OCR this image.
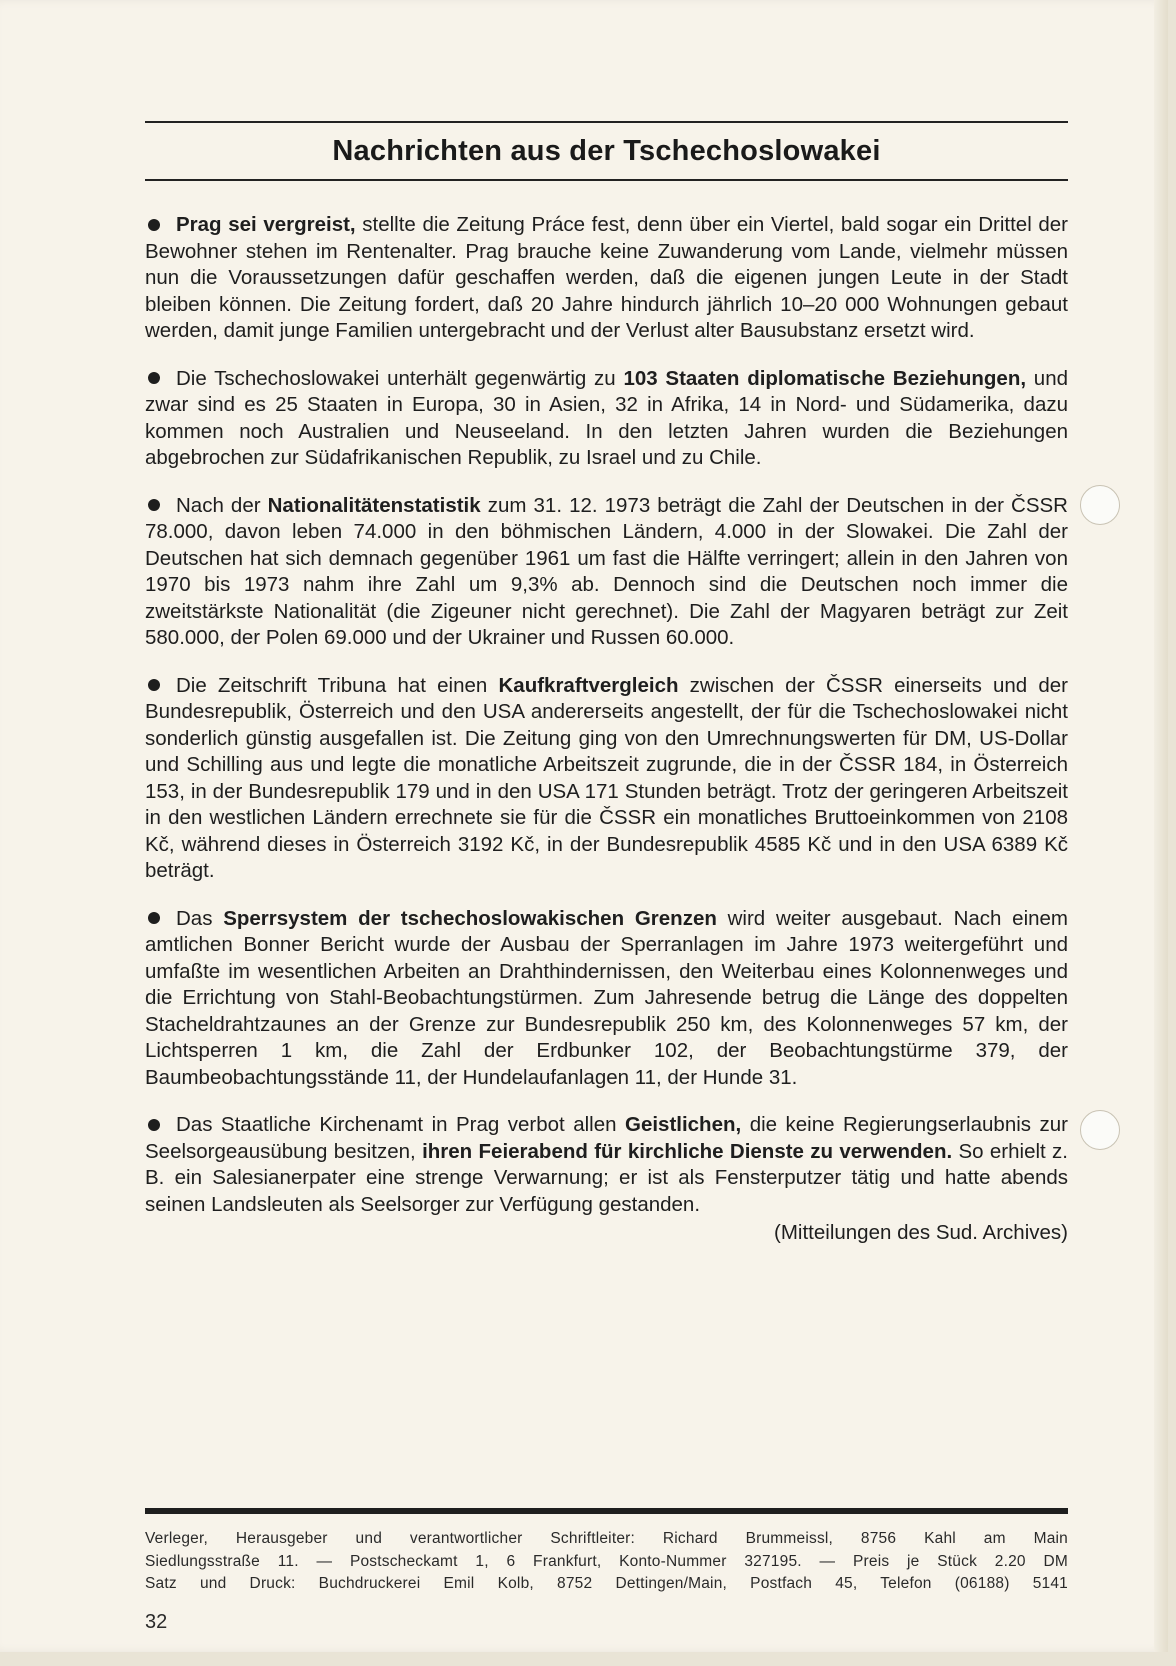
Nachrichten aus der Tschechoslowakei

Prag sei vergreist, stellte die Zeitung Práce fest, denn über ein Viertel, bald sogar ein Drittel der Bewohner stehen im Rentenalter. Prag brauche keine Zuwanderung vom Lande, vielmehr müssen nun die Voraussetzungen dafür geschaffen werden, daß die eigenen jungen Leute in der Stadt bleiben können. Die Zeitung fordert, daß 20 Jahre hindurch jährlich 10–20 000 Wohnungen gebaut werden, damit junge Familien untergebracht und der Verlust alter Bausubstanz ersetzt wird.

Die Tschechoslowakei unterhält gegenwärtig zu 103 Staaten diplomatische Beziehungen, und zwar sind es 25 Staaten in Europa, 30 in Asien, 32 in Afrika, 14 in Nord- und Südamerika, dazu kommen noch Australien und Neuseeland. In den letzten Jahren wurden die Beziehungen abgebrochen zur Südafrikanischen Republik, zu Israel und zu Chile.

Nach der Nationalitätenstatistik zum 31. 12. 1973 beträgt die Zahl der Deutschen in der ČSSR 78.000, davon leben 74.000 in den böhmischen Ländern, 4.000 in der Slowakei. Die Zahl der Deutschen hat sich demnach gegenüber 1961 um fast die Hälfte verringert; allein in den Jahren von 1970 bis 1973 nahm ihre Zahl um 9,3% ab. Dennoch sind die Deutschen noch immer die zweitstärkste Nationalität (die Zigeuner nicht gerechnet). Die Zahl der Magyaren beträgt zur Zeit 580.000, der Polen 69.000 und der Ukrainer und Russen 60.000.

Die Zeitschrift Tribuna hat einen Kaufkraftvergleich zwischen der ČSSR einerseits und der Bundesrepublik, Österreich und den USA andererseits angestellt, der für die Tschechoslowakei nicht sonderlich günstig ausgefallen ist. Die Zeitung ging von den Umrechnungswerten für DM, US-Dollar und Schilling aus und legte die monatliche Arbeitszeit zugrunde, die in der ČSSR 184, in Österreich 153, in der Bundesrepublik 179 und in den USA 171 Stunden beträgt. Trotz der geringeren Arbeitszeit in den westlichen Ländern errechnete sie für die ČSSR ein monatliches Bruttoeinkommen von 2108 Kč, während dieses in Österreich 3192 Kč, in der Bundesrepublik 4585 Kč und in den USA 6389 Kč beträgt.

Das Sperrsystem der tschechoslowakischen Grenzen wird weiter ausgebaut. Nach einem amtlichen Bonner Bericht wurde der Ausbau der Sperranlagen im Jahre 1973 weitergeführt und umfaßte im wesentlichen Arbeiten an Drahthindernissen, den Weiterbau eines Kolonnenweges und die Errichtung von Stahl-Beobachtungstürmen. Zum Jahresende betrug die Länge des doppelten Stacheldrahtzaunes an der Grenze zur Bundesrepublik 250 km, des Kolonnenweges 57 km, der Lichtsperren 1 km, die Zahl der Erdbunker 102, der Beobachtungstürme 379, der Baumbeobachtungsstände 11, der Hundelaufanlagen 11, der Hunde 31.

Das Staatliche Kirchenamt in Prag verbot allen Geistlichen, die keine Regierungserlaubnis zur Seelsorgeausübung besitzen, ihren Feierabend für kirchliche Dienste zu verwenden. So erhielt z. B. ein Salesianerpater eine strenge Verwarnung; er ist als Fensterputzer tätig und hatte abends seinen Landsleuten als Seelsorger zur Verfügung gestanden.

(Mitteilungen des Sud. Archives)
Verleger, Herausgeber und verantwortlicher Schriftleiter: Richard Brummeissl, 8756 Kahl am Main
Siedlungsstraße 11. — Postscheckamt 1, 6 Frankfurt, Konto-Nummer 327195. — Preis je Stück 2.20 DM
Satz und Druck: Buchdruckerei Emil Kolb, 8752 Dettingen/Main, Postfach 45, Telefon (06188) 5141
32
